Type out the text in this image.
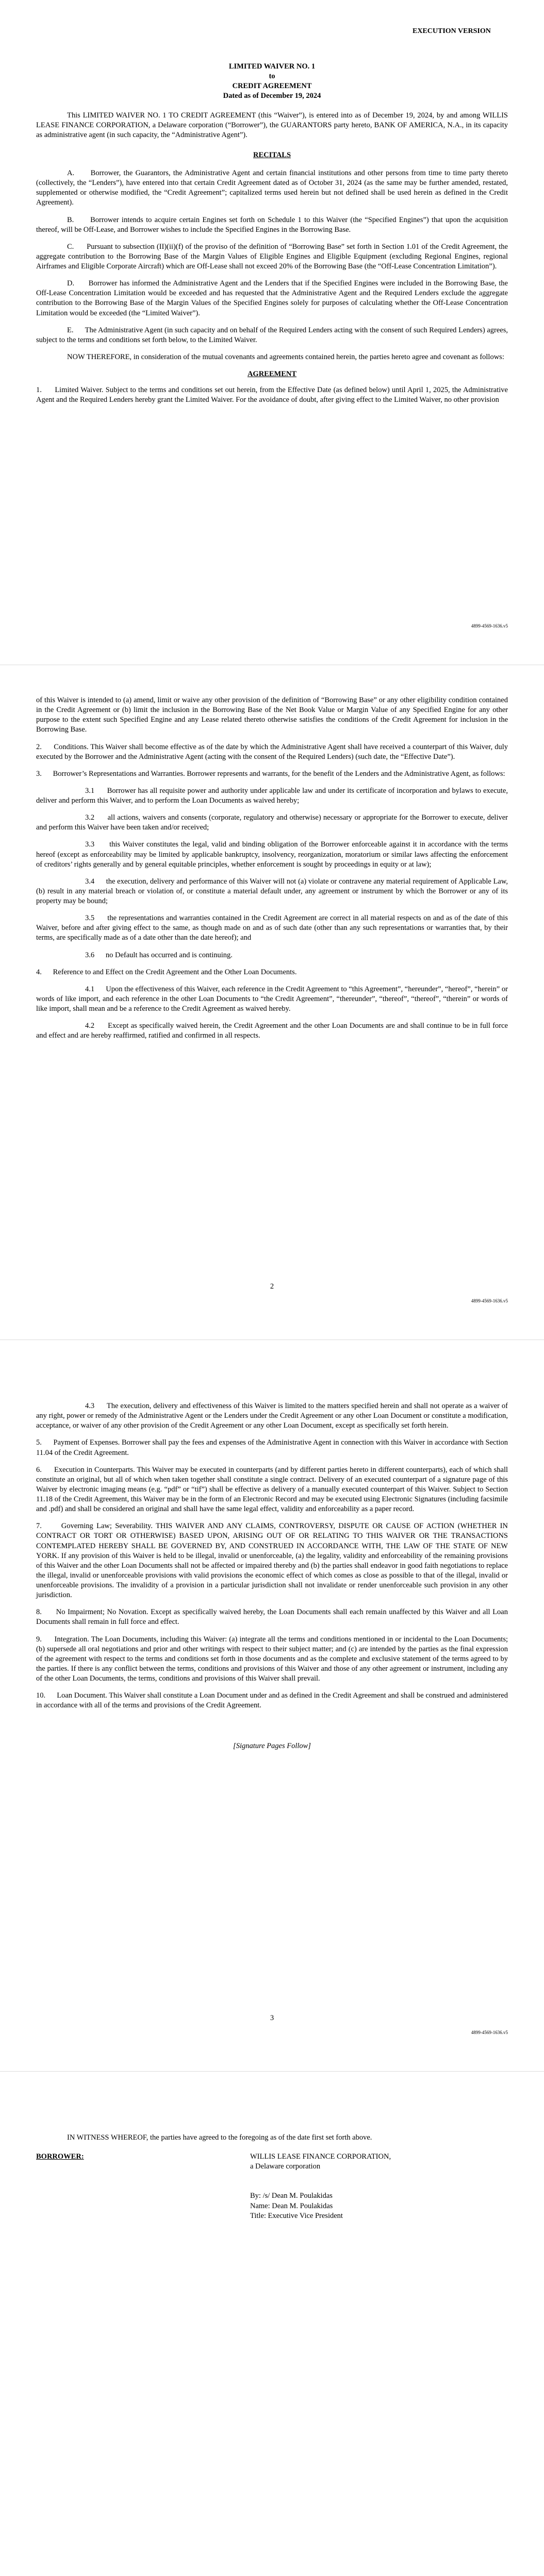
EXECUTION VERSION
LIMITED WAIVER NO. 1
to
CREDIT AGREEMENT
Dated as of December 19, 2024

This LIMITED WAIVER NO. 1 TO CREDIT AGREEMENT (this “Waiver”), is entered into as of December 19, 2024, by and among WILLIS LEASE FINANCE CORPORATION, a Delaware corporation (“Borrower”), the GUARANTORS party hereto, BANK OF AMERICA, N.A., in its capacity as administrative agent (in such capacity, the “Administrative Agent”).

RECITALS

A.      Borrower, the Guarantors, the Administrative Agent and certain financial institutions and other persons from time to time party thereto (collectively, the “Lenders”), have entered into that certain Credit Agreement dated as of October 31, 2024 (as the same may be further amended, restated, supplemented or otherwise modified, the “Credit Agreement”; capitalized terms used herein but not defined shall be used herein as defined in the Credit Agreement).

B.      Borrower intends to acquire certain Engines set forth on Schedule 1 to this Waiver (the “Specified Engines”) that upon the acquisition thereof, will be Off-Lease, and Borrower wishes to include the Specified Engines in the Borrowing Base.

C.      Pursuant to subsection (II)(ii)(f) of the proviso of the definition of “Borrowing Base” set forth in Section 1.01 of the Credit Agreement, the aggregate contribution to the Borrowing Base of the Margin Values of Eligible Engines and Eligible Equipment (excluding Regional Engines, regional Airframes and Eligible Corporate Aircraft) which are Off-Lease shall not exceed 20% of the Borrowing Base (the “Off-Lease Concentration Limitation”).

D.      Borrower has informed the Administrative Agent and the Lenders that if the Specified Engines were included in the Borrowing Base, the Off-Lease Concentration Limitation would be exceeded and has requested that the Administrative Agent and the Required Lenders exclude the aggregate contribution to the Borrowing Base of the Margin Values of the Specified Engines solely for purposes of calculating whether the Off-Lease Concentration Limitation would be exceeded (the “Limited Waiver”).

E.      The Administrative Agent (in such capacity and on behalf of the Required Lenders acting with the consent of such Required Lenders) agrees, subject to the terms and conditions set forth below, to the Limited Waiver.

NOW THEREFORE, in consideration of the mutual covenants and agreements contained herein, the parties hereto agree and covenant as follows:

AGREEMENT

1.      Limited Waiver. Subject to the terms and conditions set out herein, from the Effective Date (as defined below) until April 1, 2025, the Administrative Agent and the Required Lenders hereby grant the Limited Waiver. For the avoidance of doubt, after giving effect to the Limited Waiver, no other provision

4899-4569-1636.v5

of this Waiver is intended to (a) amend, limit or waive any other provision of the definition of “Borrowing Base” or any other eligibility condition contained in the Credit Agreement or (b) limit the inclusion in the Borrowing Base of the Net Book Value or Margin Value of any Specified Engine for any other purpose to the extent such Specified Engine and any Lease related thereto otherwise satisfies the conditions of the Credit Agreement for inclusion in the Borrowing Base.

2.      Conditions. This Waiver shall become effective as of the date by which the Administrative Agent shall have received a counterpart of this Waiver, duly executed by the Borrower and the Administrative Agent (acting with the consent of the Required Lenders) (such date, the “Effective Date”).

3.      Borrower’s Representations and Warranties. Borrower represents and warrants, for the benefit of the Lenders and the Administrative Agent, as follows:

3.1      Borrower has all requisite power and authority under applicable law and under its certificate of incorporation and bylaws to execute, deliver and perform this Waiver, and to perform the Loan Documents as waived hereby;

3.2      all actions, waivers and consents (corporate, regulatory and otherwise) necessary or appropriate for the Borrower to execute, deliver and perform this Waiver have been taken and/or received;

3.3      this Waiver constitutes the legal, valid and binding obligation of the Borrower enforceable against it in accordance with the terms hereof (except as enforceability may be limited by applicable bankruptcy, insolvency, reorganization, moratorium or similar laws affecting the enforcement of creditors’ rights generally and by general equitable principles, whether enforcement is sought by proceedings in equity or at law);

3.4      the execution, delivery and performance of this Waiver will not (a) violate or contravene any material requirement of Applicable Law, (b) result in any material breach or violation of, or constitute a material default under, any agreement or instrument by which the Borrower or any of its property may be bound;

3.5      the representations and warranties contained in the Credit Agreement are correct in all material respects on and as of the date of this Waiver, before and after giving effect to the same, as though made on and as of such date (other than any such representations or warranties that, by their terms, are specifically made as of a date other than the date hereof); and

3.6      no Default has occurred and is continuing.

4.      Reference to and Effect on the Credit Agreement and the Other Loan Documents.

4.1      Upon the effectiveness of this Waiver, each reference in the Credit Agreement to “this Agreement”, “hereunder”, “hereof”, “herein” or words of like import, and each reference in the other Loan Documents to “the Credit Agreement”, “thereunder”, “thereof”, “thereof”, “therein” or words of like import, shall mean and be a reference to the Credit Agreement as waived hereby.

4.2      Except as specifically waived herein, the Credit Agreement and the other Loan Documents are and shall continue to be in full force and effect and are hereby reaffirmed, ratified and confirmed in all respects.

2
4899-4569-1636.v5

4.3      The execution, delivery and effectiveness of this Waiver is limited to the matters specified herein and shall not operate as a waiver of any right, power or remedy of the Administrative Agent or the Lenders under the Credit Agreement or any other Loan Document or constitute a modification, acceptance, or waiver of any other provision of the Credit Agreement or any other Loan Document, except as specifically set forth herein.

5.      Payment of Expenses. Borrower shall pay the fees and expenses of the Administrative Agent in connection with this Waiver in accordance with Section 11.04 of the Credit Agreement.

6.      Execution in Counterparts. This Waiver may be executed in counterparts (and by different parties hereto in different counterparts), each of which shall constitute an original, but all of which when taken together shall constitute a single contract. Delivery of an executed counterpart of a signature page of this Waiver by electronic imaging means (e.g. “pdf” or “tif”) shall be effective as delivery of a manually executed counterpart of this Waiver. Subject to Section 11.18 of the Credit Agreement, this Waiver may be in the form of an Electronic Record and may be executed using Electronic Signatures (including facsimile and .pdf) and shall be considered an original and shall have the same legal effect, validity and enforceability as a paper record.

7.      Governing Law; Severability. THIS WAIVER AND ANY CLAIMS, CONTROVERSY, DISPUTE OR CAUSE OF ACTION (WHETHER IN CONTRACT OR TORT OR OTHERWISE) BASED UPON, ARISING OUT OF OR RELATING TO THIS WAIVER OR THE TRANSACTIONS CONTEMPLATED HEREBY SHALL BE GOVERNED BY, AND CONSTRUED IN ACCORDANCE WITH, THE LAW OF THE STATE OF NEW YORK. If any provision of this Waiver is held to be illegal, invalid or unenforceable, (a) the legality, validity and enforceability of the remaining provisions of this Waiver and the other Loan Documents shall not be affected or impaired thereby and (b) the parties shall endeavor in good faith negotiations to replace the illegal, invalid or unenforceable provisions with valid provisions the economic effect of which comes as close as possible to that of the illegal, invalid or unenforceable provisions. The invalidity of a provision in a particular jurisdiction shall not invalidate or render unenforceable such provision in any other jurisdiction.

8.      No Impairment; No Novation. Except as specifically waived hereby, the Loan Documents shall each remain unaffected by this Waiver and all Loan Documents shall remain in full force and effect.

9.      Integration. The Loan Documents, including this Waiver: (a) integrate all the terms and conditions mentioned in or incidental to the Loan Documents; (b) supersede all oral negotiations and prior and other writings with respect to their subject matter; and (c) are intended by the parties as the final expression of the agreement with respect to the terms and conditions set forth in those documents and as the complete and exclusive statement of the terms agreed to by the parties. If there is any conflict between the terms, conditions and provisions of this Waiver and those of any other agreement or instrument, including any of the other Loan Documents, the terms, conditions and provisions of this Waiver shall prevail.

10.      Loan Document. This Waiver shall constitute a Loan Document under and as defined in the Credit Agreement and shall be construed and administered in accordance with all of the terms and provisions of the Credit Agreement.

[Signature Pages Follow]
3
4899-4569-1636.v5

IN WITNESS WHEREOF, the parties have agreed to the foregoing as of the date first set forth above.

BORROWER:	WILLIS LEASE FINANCE CORPORATION,
a Delaware corporation
By: /s/ Dean M. Poulakidas
Name: Dean M. Poulakidas
Title: Executive Vice President
